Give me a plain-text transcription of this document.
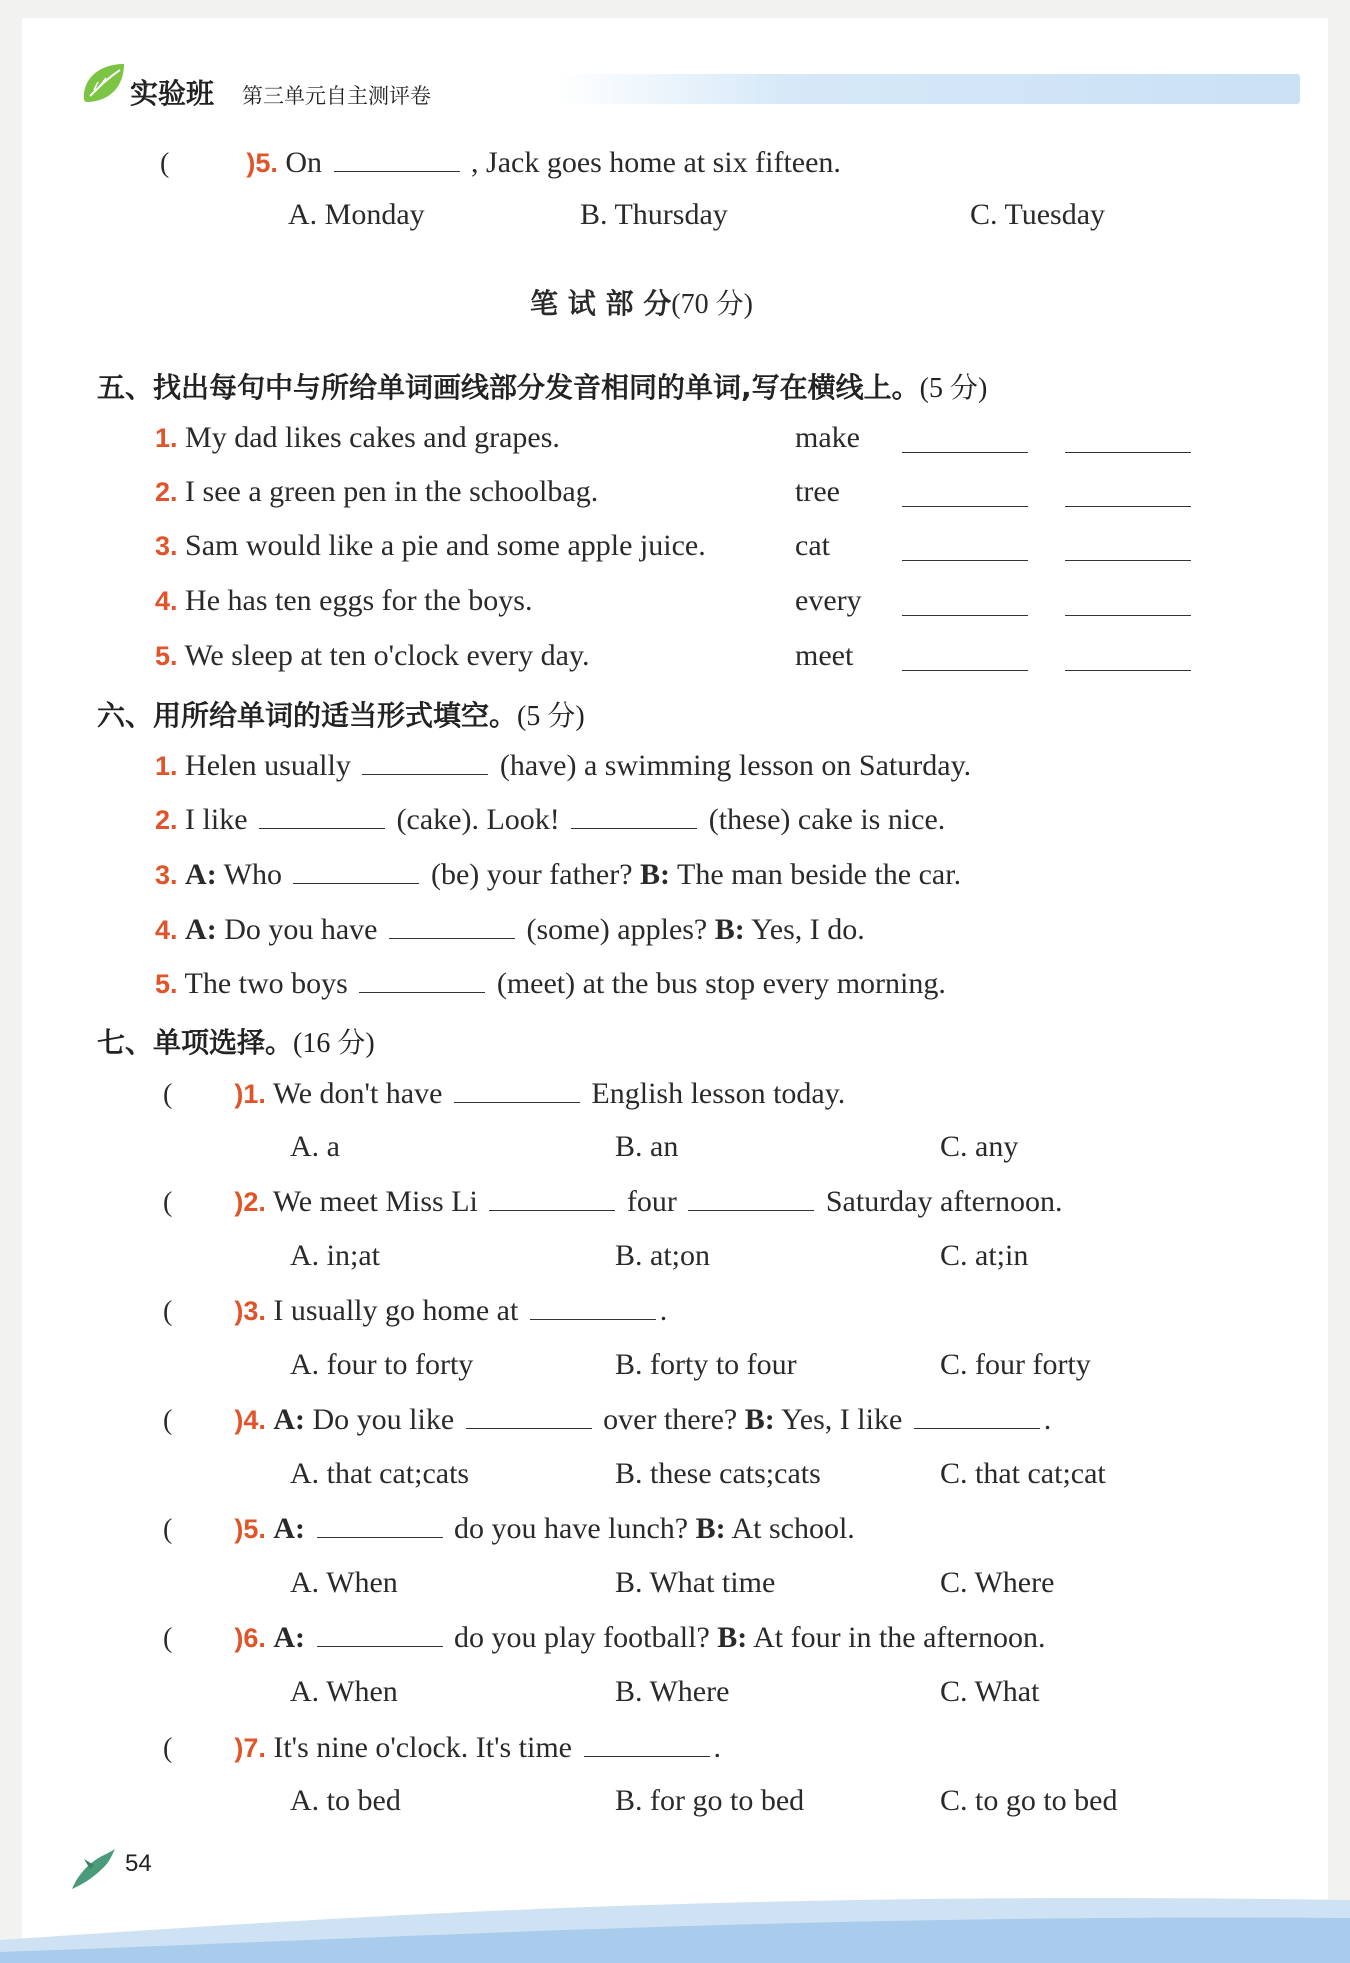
实验班 第三单元自主测评卷
(	)5. On	, Jack goes home at six fifteen.
A. Monday	B. Thursday	C. Tuesday
笔 试 部 分(70 分)
五、找出每句中与所给单词画线部分发音相同的单词,写在横线上。(5 分)
1. My dad likes cakes and grapes.	make
2. I see a green pen in the schoolbag.	tree
3. Sam would like a pie and some apple juice.	cat
4. He has ten eggs for the boys.	every
5. We sleep at ten o'clock every day.	meet
六、用所给单词的适当形式填空。(5 分)
1. Helen usually	(have) a swimming lesson on Saturday.
2. I like	(cake). Look!	(these) cake is nice.
3. A: Who	(be) your father? B: The man beside the car.
4. A: Do you have	(some) apples? B: Yes, I do.
5. The two boys	(meet) at the bus stop every morning.
七、单项选择。(16 分)
( )1. We don't have	English lesson today.
A. a	B. an	C. any
( )2. We meet Miss Li	four	Saturday afternoon.
A. in;at	B. at;on	C. at;in
( )3. I usually go home at	.
A. four to forty	B. forty to four	C. four forty
( )4. A: Do you like	over there? B: Yes, I like	.
A. that cat;cats	B. these cats;cats	C. that cat;cat
( )5. A:	do you have lunch? B: At school.
A. When	B. What time	C. Where
( )6. A:	do you play football? B: At four in the afternoon.
A. When	B. Where	C. What
( )7. It's nine o'clock. It's time	.
A. to bed	B. for go to bed	C. to go to bed
54
